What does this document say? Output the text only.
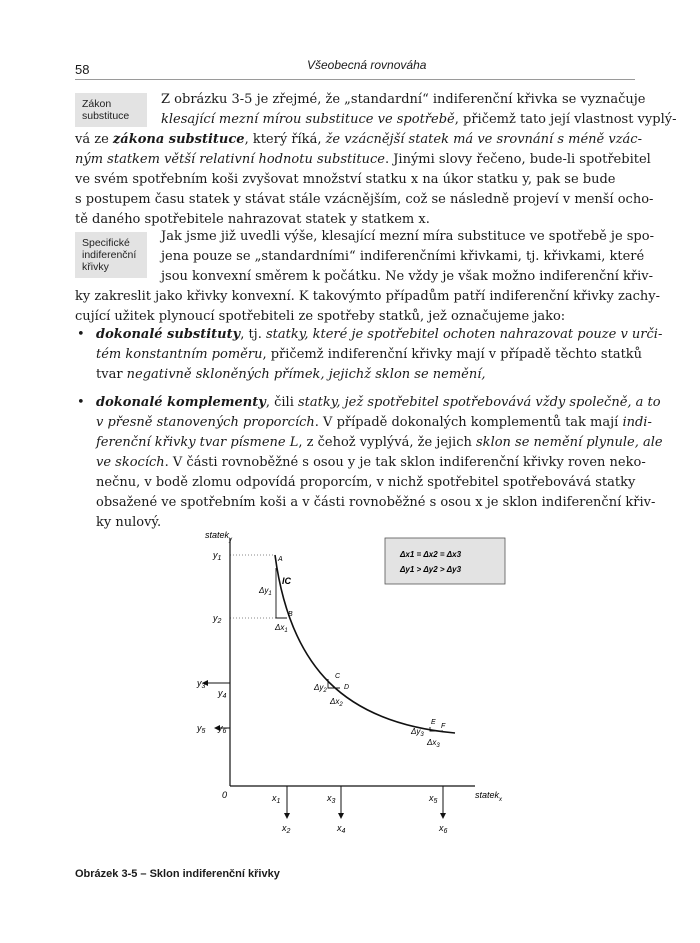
58	Všeobecná rovnováha
Zákon
substituce
Z obrázku 3-5 je zřejmé, že „standardní“ indiferenční křivka se vyznačuje
klesající mezní mírou substituce ve spotřebě, přičemž tato její vlastnost vyplý-
vá ze zákona substituce, který říká, že vzácnější statek má ve srovnání s méně vzác-
ným statkem větší relativní hodnotu substituce. Jinými slovy řečeno, bude-li spotřebitel
ve svém spotřebním koši zvyšovat množství statku x na úkor statku y, pak se bude
s postupem času statek y stávat stále vzácnějším, což se následně projeví v menší ocho-
tě daného spotřebitele nahrazovat statek y statkem x.
Specifické
indiferenční
křivky
Jak jsme již uvedli výše, klesající mezní míra substituce ve spotřebě je spo-
jena pouze se „standardními“ indiferenčními křivkami, tj. křivkami, které
jsou konvexní směrem k počátku. Ne vždy je však možno indiferenční křiv-
ky zakreslit jako křivky konvexní. K takovýmto případům patří indiferenční křivky zachy-
cující užitek plynoucí spotřebiteli ze spotřeby statků, jež označujeme jako:
• dokonalé substituty, tj. statky, které je spotřebitel ochoten nahrazovat pouze v urči-
tém konstantním poměru, přičemž indiferenční křivky mají v případě těchto statků
tvar negativně skloněných přímek, jejichž sklon se nemění,
• dokonalé komplementy, čili statky, jež spotřebitel spotřebovává vždy společně, a to
v přesně stanovených proporcích. V případě dokonalých komplementů tak mají indi-
ferenční křivky tvar písmene L, z čehož vyplývá, že jejich sklon se nemění plynule, ale
ve skocích. V části rovnoběžné s osou y je tak sklon indiferenční křivky roven neko-
nečnu, v bodě zlomu odpovídá proporcím, v nichž spotřebitel spotřebovává statky
obsažené ve spotřebním koši a v části rovnoběžné s osou x je sklon indiferenční křiv-
ky nulový.
statek$_y$
statek$_x$
0
IC
$y_1$
$y_2$
$y_3$
$y_4$
$y_5$ $y_6$
$x_1$
$x_2$
$x_3$
$x_4$
$x_5$
$x_6$
A
B
C
D
E
F
$\Delta y_1$
$\Delta x_1$
$\Delta y_2$
$\Delta x_2$
$\Delta y_3$
$\Delta x_3$
Δx1 = Δx2 = Δx3
Δy1 > Δy2 > Δy3
Obrázek 3-5 – Sklon indiferenční křivky
